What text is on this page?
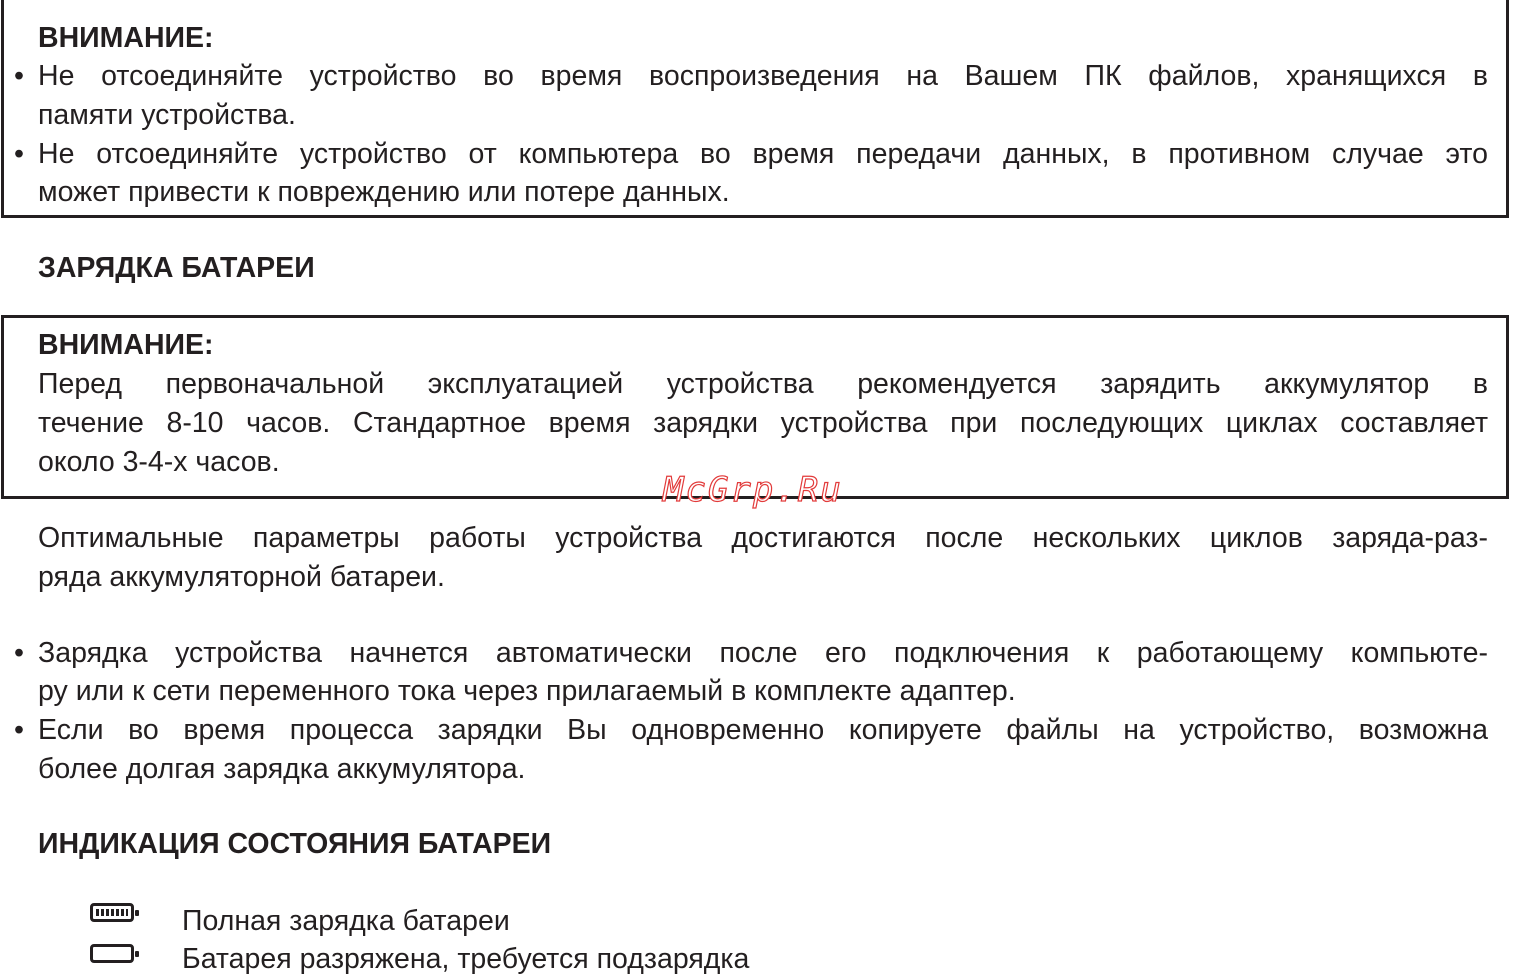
ВНИМАНИЕ:

• Не отсоединяйте устройство во время воспроизведения на Вашем ПК файлов, хранящихся в

памяти устройства.

• Не отсоединяйте устройство от компьютера во время передачи данных, в противном случае это

может привести к повреждению или потере данных.

ЗАРЯДКА БАТАРЕИ

ВНИМАНИЕ:

Перед первоначальной эксплуатацией устройства рекомендуется зарядить аккумулятор в

течение 8-10 часов. Стандартное время зарядки устройства при последующих циклах составляет

около 3-4-х часов.

McGrp.Ru

Оптимальные параметры работы устройства достигаются после нескольких циклов заряда-раз-

ряда аккумуляторной батареи.

• Зарядка устройства начнется автоматически после его подключения к работающему компьюте-

ру или к сети переменного тока через прилагаемый в комплекте адаптер.

• Если во время процесса зарядки Вы одновременно копируете файлы на устройство, возможна

более долгая зарядка аккумулятора.

ИНДИКАЦИЯ СОСТОЯНИЯ БАТАРЕИ

Полная зарядка батареи

Батарея разряжена, требуется подзарядка
